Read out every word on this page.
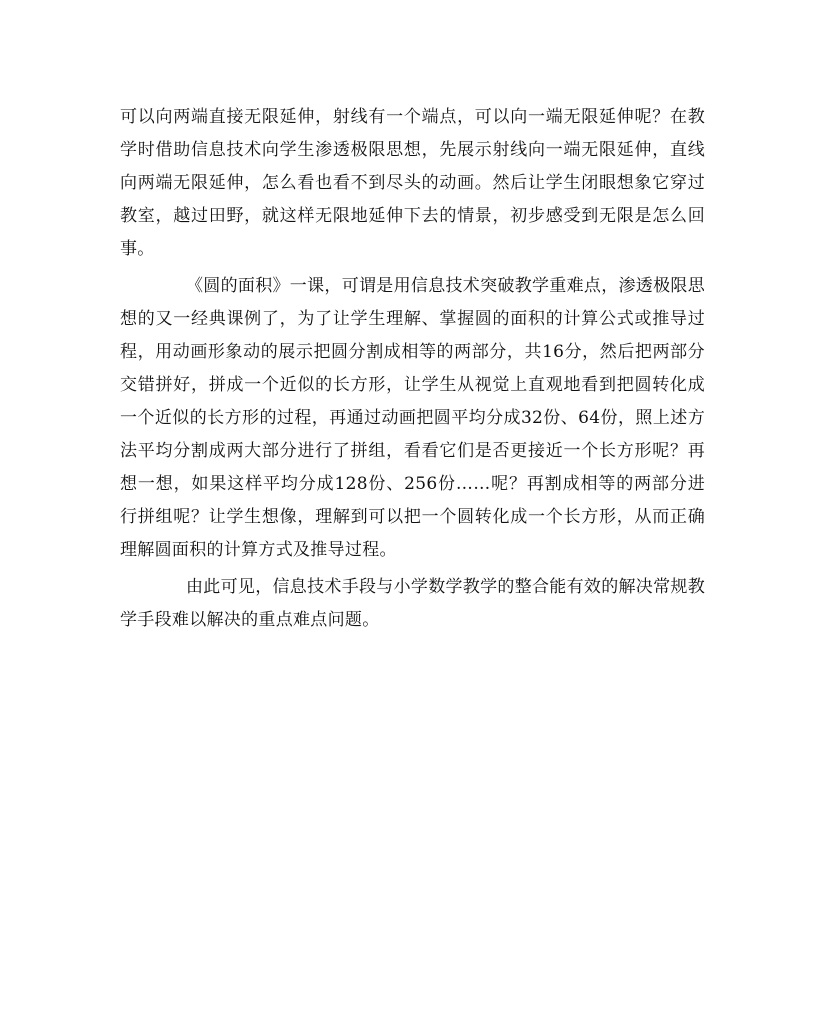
可以向两端直接无限延伸，射线有一个端点，可以向一端无限延伸呢？在教学时借助信息技术向学生渗透极限思想，先展示射线向一端无限延伸，直线向两端无限延伸，怎么看也看不到尽头的动画。然后让学生闭眼想象它穿过教室，越过田野，就这样无限地延伸下去的情景，初步感受到无限是怎么回事。

《圆的面积》一课，可谓是用信息技术突破教学重难点，渗透极限思想的又一经典课例了，为了让学生理解、掌握圆的面积的计算公式或推导过程，用动画形象动的展示把圆分割成相等的两部分，共16分，然后把两部分交错拼好，拼成一个近似的长方形，让学生从视觉上直观地看到把圆转化成一个近似的长方形的过程，再通过动画把圆平均分成32份、64份，照上述方法平均分割成两大部分进行了拼组，看看它们是否更接近一个长方形呢？再想一想，如果这样平均分成128份、256份……呢？再割成相等的两部分进行拼组呢？让学生想像，理解到可以把一个圆转化成一个长方形，从而正确理解圆面积的计算方式及推导过程。

由此可见，信息技术手段与小学数学教学的整合能有效的解决常规教学手段难以解决的重点难点问题。
